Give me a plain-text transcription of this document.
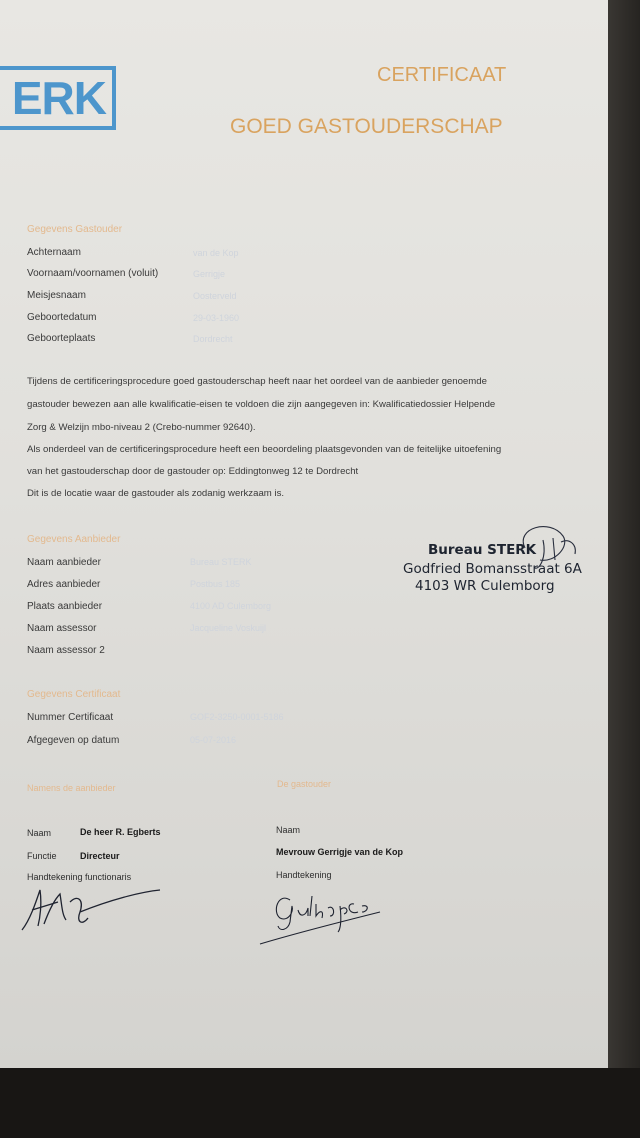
ERK	CERTIFICAAT
GOED GASTOUDERSCHAP
Gegevens Gastouder
Achternaam	van de Kop
Voornaam/voornamen (voluit)	Gerrigje
Meisjesnaam	Oosterveld
Geboortedatum	29-03-1960
Geboorteplaats	Dordrecht
Tijdens de certificeringsprocedure goed gastouderschap heeft naar het oordeel van de aanbieder genoemde
gastouder bewezen aan alle kwalificatie-eisen te voldoen die zijn aangegeven in: Kwalificatiedossier Helpende
Zorg & Welzijn mbo-niveau 2 (Crebo-nummer 92640).
Als onderdeel van de certificeringsprocedure heeft een beoordeling plaatsgevonden van de feitelijke uitoefening
van het gastouderschap door de gastouder op: Eddingtonweg 12 te Dordrecht
Dit is de locatie waar de gastouder als zodanig werkzaam is.
Gegevens Aanbieder
Naam aanbieder	Bureau STERK
Adres aanbieder	Postbus 185
Plaats aanbieder	4100 AD Culemborg
Naam assessor	Jacqueline Voskuijl
Naam assessor 2
Bureau STERK
Godfried Bomansstraat 6A
4103 WR Culemborg
Gegevens Certificaat
Nummer Certificaat	GOF2-3250-0001-5186
Afgegeven op datum	05-07-2016
Namens de aanbieder	De gastouder
Naam	De heer R. Egberts
Functie	Directeur
Handtekening functionaris
Naam
Mevrouw Gerrigje van de Kop
Handtekening
